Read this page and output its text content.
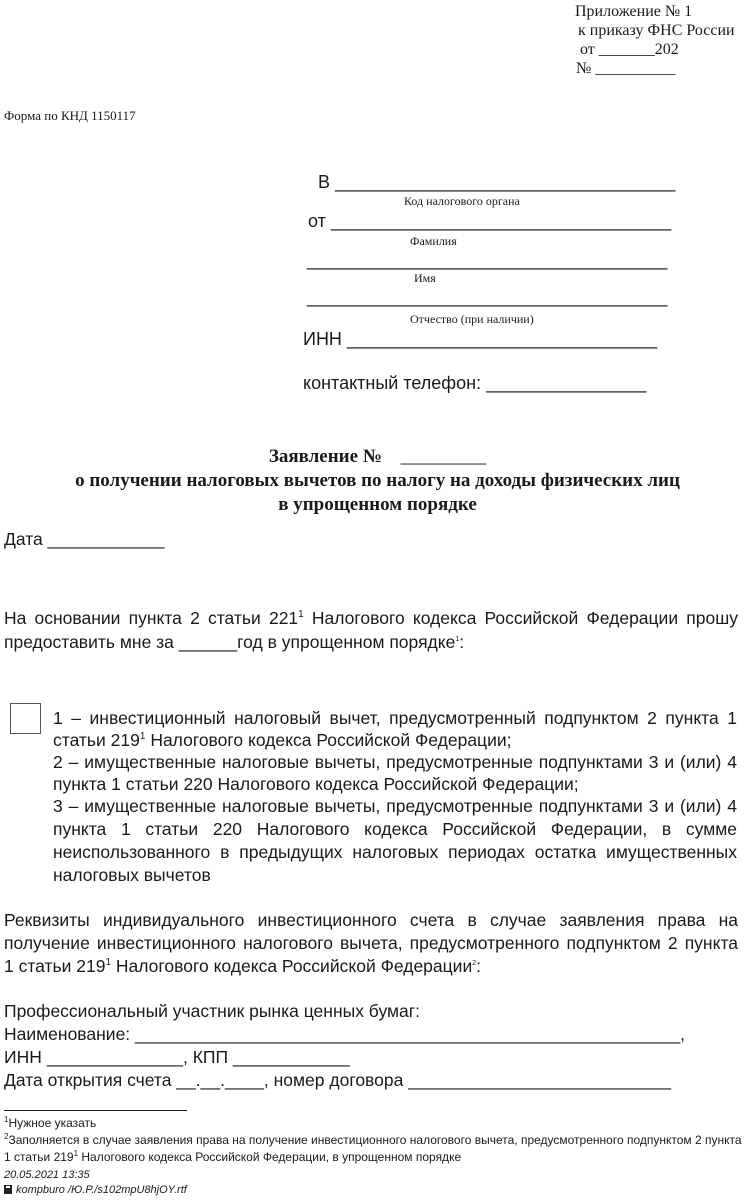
Приложение № 1
к приказу ФНС России
от _______202
№ __________
Форма по КНД 1150117
В __________________________________
Код налогового органа
от __________________________________
Фамилия
____________________________________
Имя
____________________________________
Отчество (при наличии)
ИНН _______________________________
контактный телефон: ________________
Заявление № _________
о получении налоговых вычетов по налогу на доходы физических лиц
в упрощенном порядке
Дата ____________
На основании пункта 2 статьи $221^1$ Налогового кодекса Российской Федерации прошу
предоставить мне за ______год в упрощенном порядке$^1$:
1 – инвестиционный налоговый вычет, предусмотренный подпунктом 2 пункта 1
статьи $219^1$ Налогового кодекса Российской Федерации;
2 – имущественные налоговые вычеты, предусмотренные подпунктами 3 и (или) 4
пункта 1 статьи 220 Налогового кодекса Российской Федерации;
3 – имущественные налоговые вычеты, предусмотренные подпунктами 3 и (или) 4
пункта 1 статьи 220 Налогового кодекса Российской Федерации, в сумме
неиспользованного в предыдущих налоговых периодах остатка имущественных
налоговых вычетов
Реквизиты индивидуального инвестиционного счета в случае заявления права на
получение инвестиционного налогового вычета, предусмотренного подпунктом 2 пункта
1 статьи $219^1$ Налогового кодекса Российской Федерации$^2$:
Профессиональный участник рынка ценных бумаг:
Наименование: ________________________________________________________,
ИНН ______________, КПП ____________
Дата открытия счета __.__.____, номер договора ___________________________
$^1$Нужное указать
$^2$Заполняется в случае заявления права на получение инвестиционного налогового вычета, предусмотренного подпунктом 2 пункта
1 статьи $219^1$ Налогового кодекса Российской Федерации, в упрощенном порядке
20.05.2021 13:35
kompburo /Ю.P./s102mpU8hjOY.rtf
